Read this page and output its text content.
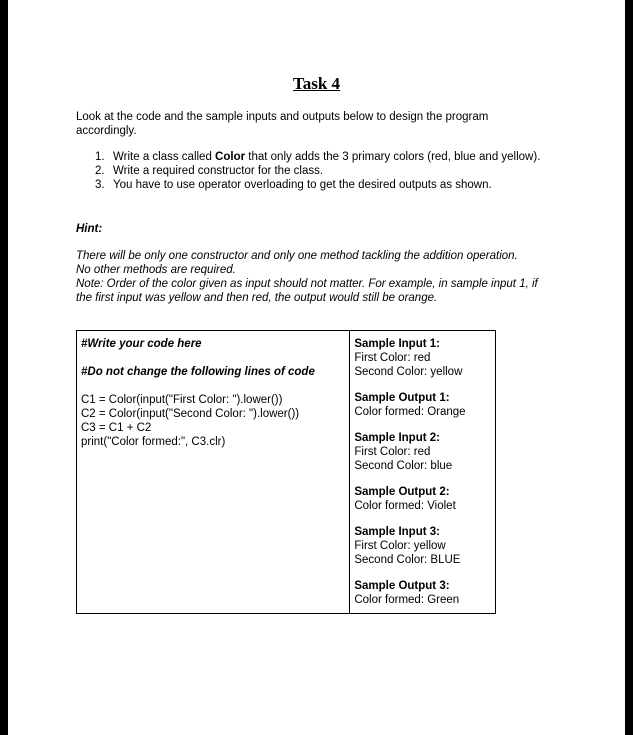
Task 4
Look at the code and the sample inputs and outputs below to design the program accordingly.
1. Write a class called Color that only adds the 3 primary colors (red, blue and yellow).
2. Write a required constructor for the class.
3. You have to use operator overloading to get the desired outputs as shown.
Hint:

There will be only one constructor and only one method tackling the addition operation.

No other methods are required.

Note: Order of the color given as input should not matter. For example, in sample input 1, if the first input was yellow and then red, the output would still be orange.

#Write your code here
#Do not change the following lines of code
C1 = Color(input("First Color: ").lower())
C2 = Color(input("Second Color: ").lower())
C3 = C1 + C2
print("Color formed:", C3.clr)

Sample Input 1:
First Color: red
Second Color: yellow
Sample Output 1:
Color formed: Orange
Sample Input 2:
First Color: red
Second Color: blue
Sample Output 2:
Color formed: Violet
Sample Input 3:
First Color: yellow
Second Color: BLUE
Sample Output 3:
Color formed: Green
